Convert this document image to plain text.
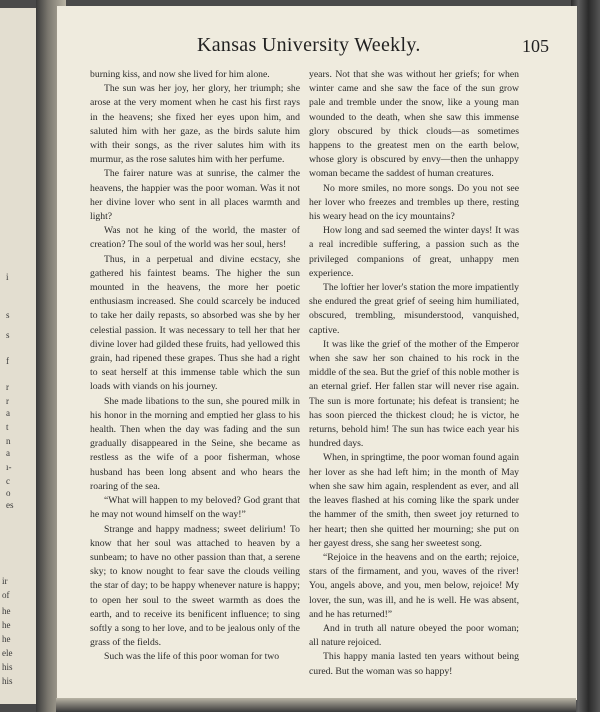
i
s
s
f
r
r
a
t
n
a
ı-
c
o
es
ir
of
he
he
he
ele
his
his
Kansas University Weekly.	105

burning kiss, and now she lived for him alone.

The sun was her joy, her glory, her triumph; she arose at the very moment when he cast his first rays in the heavens; she fixed her eyes upon him, and saluted him with her gaze, as the birds salute him with their songs, as the river salutes him with its murmur, as the rose salutes him with her perfume.

The fairer nature was at sunrise, the calmer the heavens, the happier was the poor woman. Was it not her divine lover who sent in all places warmth and light?

Was not he king of the world, the master of creation? The soul of the world was her soul, hers!

Thus, in a perpetual and divine ecstacy, she gathered his faintest beams. The higher the sun mounted in the heavens, the more her poetic enthusiasm increased. She could scarcely be induced to take her daily repasts, so absorbed was she by her celestial passion. It was necessary to tell her that her divine lover had gilded these fruits, had yellowed this grain, had ripened these grapes. Thus she had a right to seat herself at this immense table which the sun loads with viands on his journey.

She made libations to the sun, she poured milk in his honor in the morning and emptied her glass to his health. Then when the day was fading and the sun gradually disappeared in the Seine, she became as restless as the wife of a poor fisherman, whose husband has been long absent and who hears the roaring of the sea.

“What will happen to my beloved? God grant that he may not wound himself on the way!”

Strange and happy madness; sweet delirium! To know that her soul was attached to heaven by a sunbeam; to have no other passion than that, a serene sky; to know nought to fear save the clouds veiling the star of day; to be happy whenever nature is happy; to open her soul to the sweet warmth as does the earth, and to receive its benificent influence; to sing softly a song to her love, and to be jealous only of the grass of the fields.

Such was the life of this poor woman for two

years. Not that she was without her griefs; for when winter came and she saw the face of the sun grow pale and tremble under the snow, like a young man wounded to the death, when she saw this immense glory obscured by thick clouds—as sometimes happens to the greatest men on the earth below, whose glory is obscured by envy—then the unhappy woman became the saddest of human creatures.

No more smiles, no more songs. Do you not see her lover who freezes and trembles up there, resting his weary head on the icy mountains?

How long and sad seemed the winter days! It was a real incredible suffering, a passion such as the privileged companions of great, unhappy men experience.

The loftier her lover's station the more impatiently she endured the great grief of seeing him humiliated, obscured, trembling, misunderstood, vanquished, captive.

It was like the grief of the mother of the Emperor when she saw her son chained to his rock in the middle of the sea. But the grief of this noble mother is an eternal grief. Her fallen star will never rise again. The sun is more fortunate; his defeat is transient; he has soon pierced the thickest cloud; he is victor, he returns, behold him! The sun has twice each year his hundred days.

When, in springtime, the poor woman found again her lover as she had left him; in the month of May when she saw him again, resplendent as ever, and all the leaves flashed at his coming like the spark under the hammer of the smith, then sweet joy returned to her heart; then she quitted her mourning; she put on her gayest dress, she sang her sweetest song.

“Rejoice in the heavens and on the earth; rejoice, stars of the firmament, and you, waves of the river! You, angels above, and you, men below, rejoice! My lover, the sun, was ill, and he is well. He was absent, and he has returned!”

And in truth all nature obeyed the poor woman; all nature rejoiced.

This happy mania lasted ten years without being cured. But the woman was so happy!
